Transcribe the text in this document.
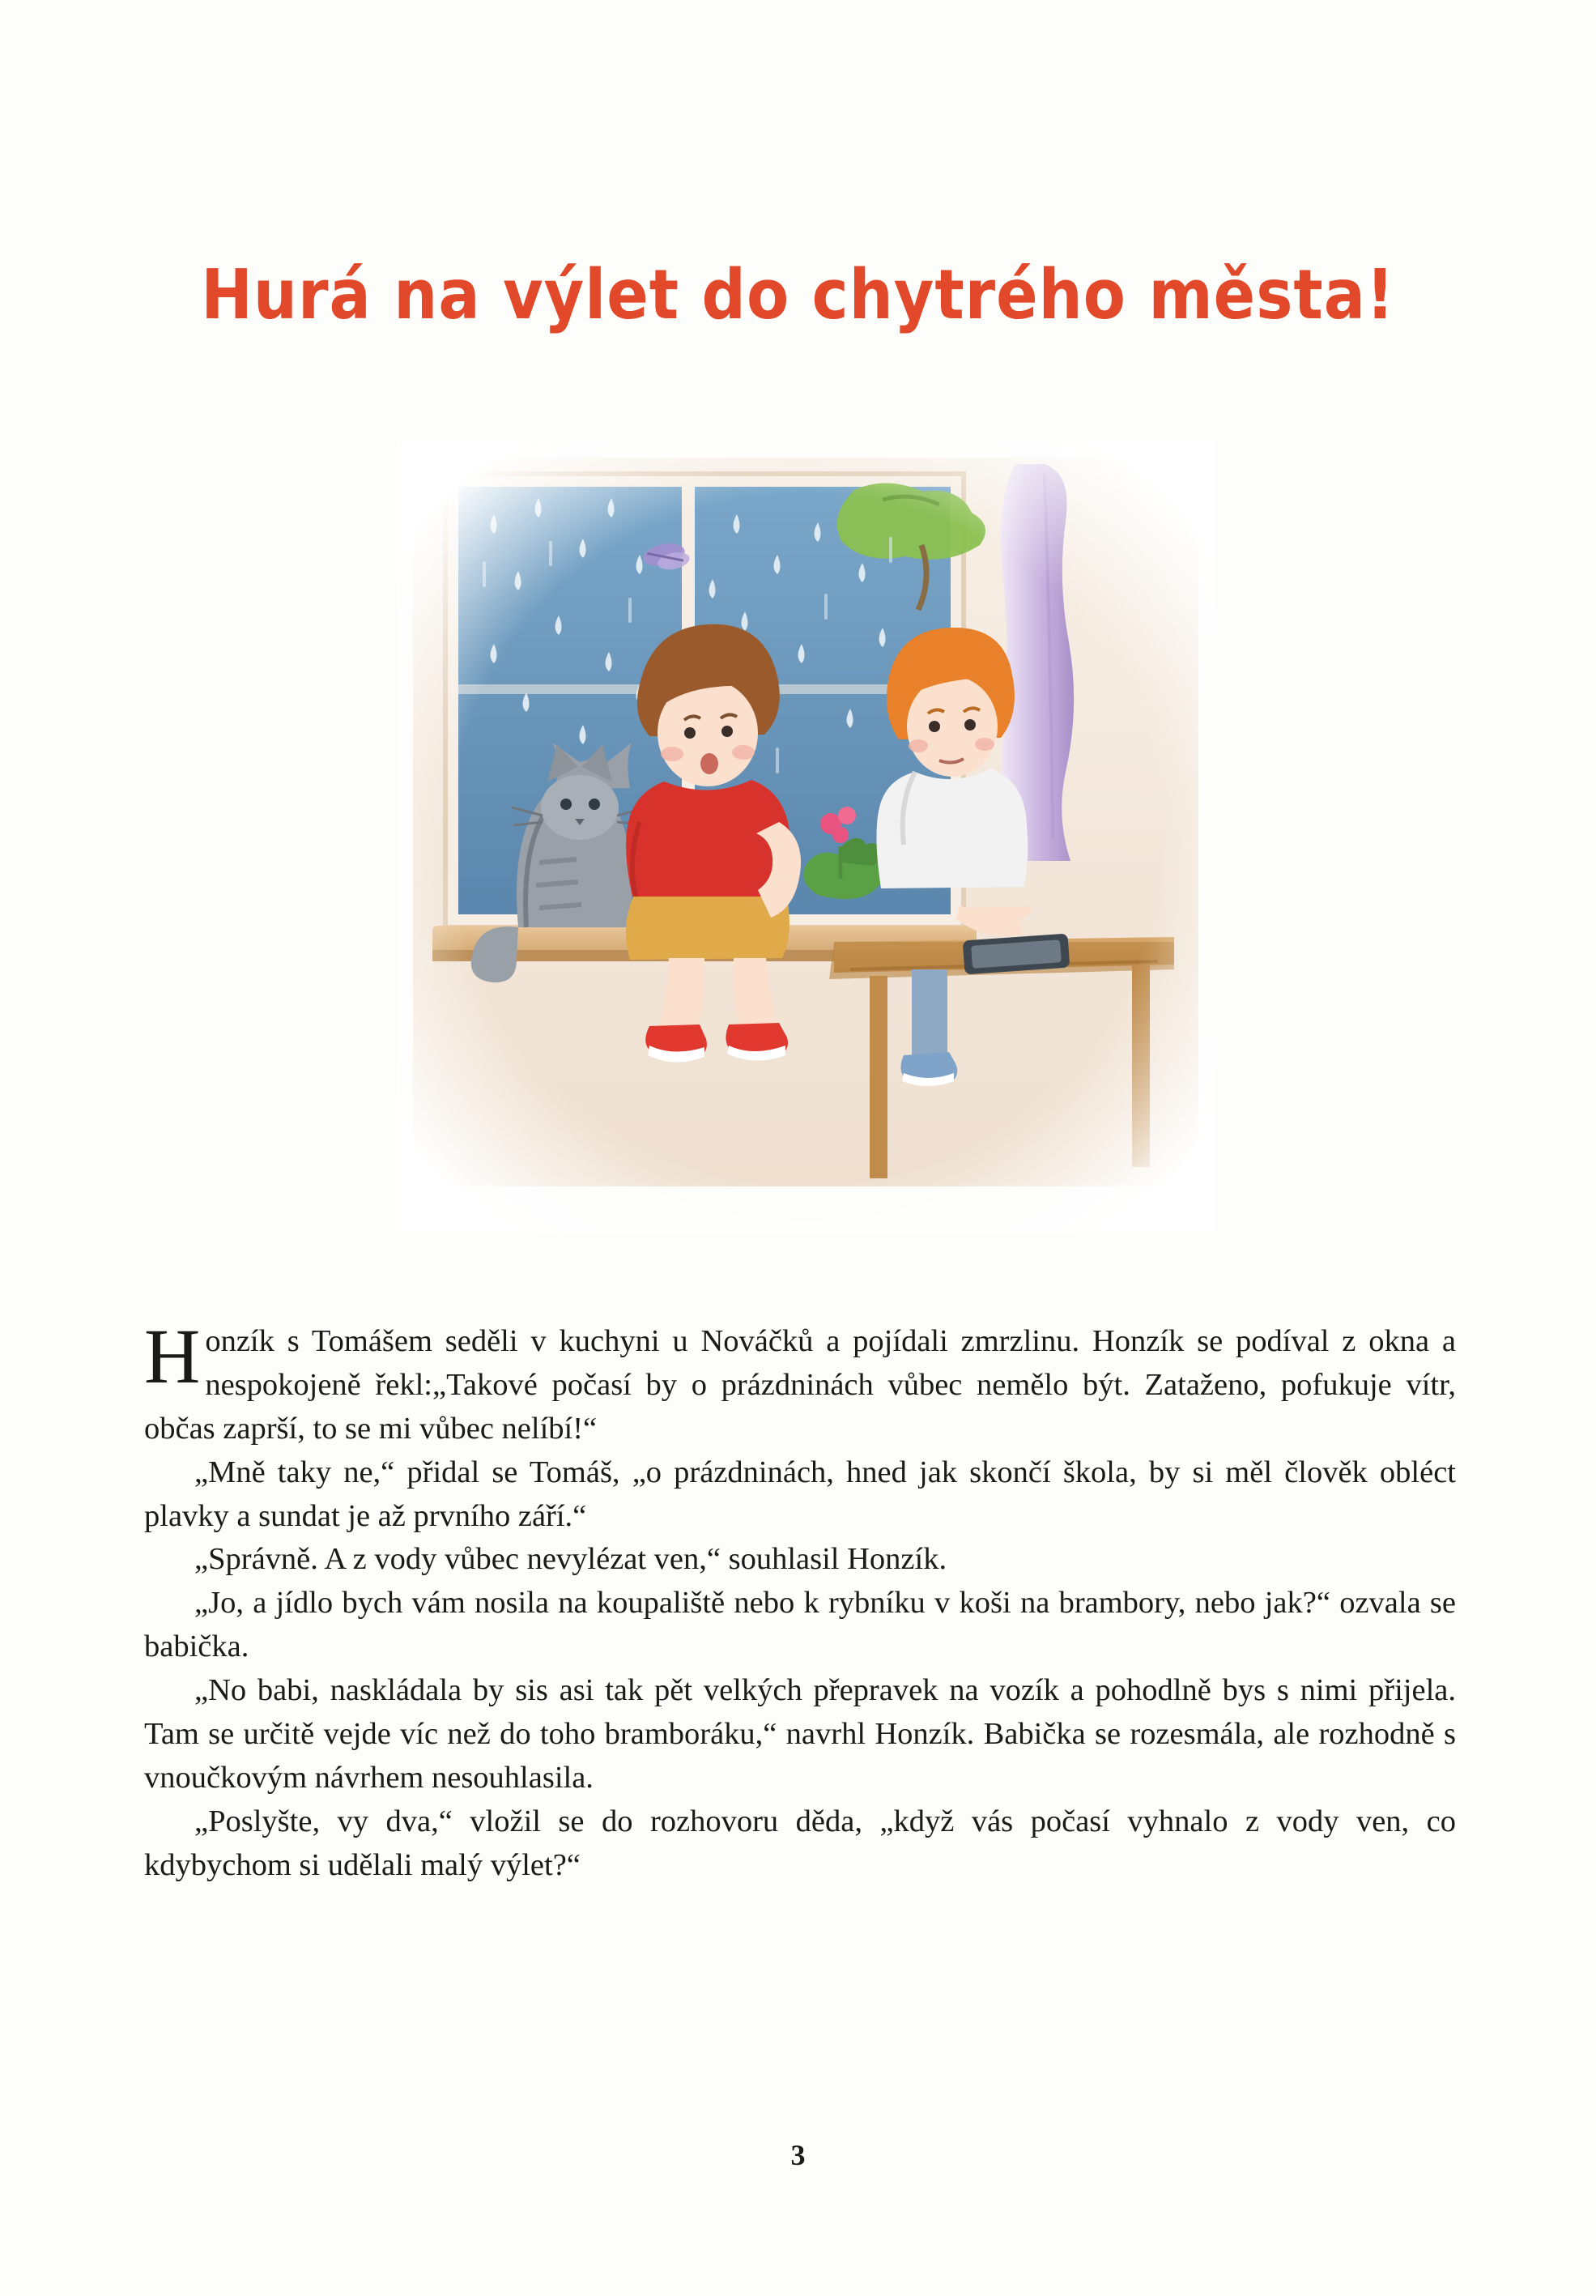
Hurá na výlet do chytrého města!

Honzík s Tomášem seděli v kuchyni u Nováčků a pojídali zmrzlinu. Honzík se podíval z okna a nespokojeně řekl:„Takové počasí by o prázdninách vůbec nemělo být. Zataženo, pofukuje vítr, občas zaprší, to se mi vůbec nelíbí!“

„Mně taky ne,“ přidal se Tomáš, „o prázdninách, hned jak skončí škola, by si měl člověk obléct plavky a sundat je až prvního září.“

„Správně. A z vody vůbec nevylézat ven,“ souhlasil Honzík.

„Jo, a jídlo bych vám nosila na koupaliště nebo k rybníku v koši na brambory, nebo jak?“ ozvala se babička.

„No babi, naskládala by sis asi tak pět velkých přepravek na vozík a pohodlně bys s nimi přijela. Tam se určitě vejde víc než do toho bramboráku,“ navrhl Honzík. Babička se rozesmála, ale rozhodně s vnoučkovým návrhem nesouhlasila.

„Poslyšte, vy dva,“ vložil se do rozhovoru děda, „když vás počasí vyhnalo z vody ven, co kdybychom si udělali malý výlet?“

3
